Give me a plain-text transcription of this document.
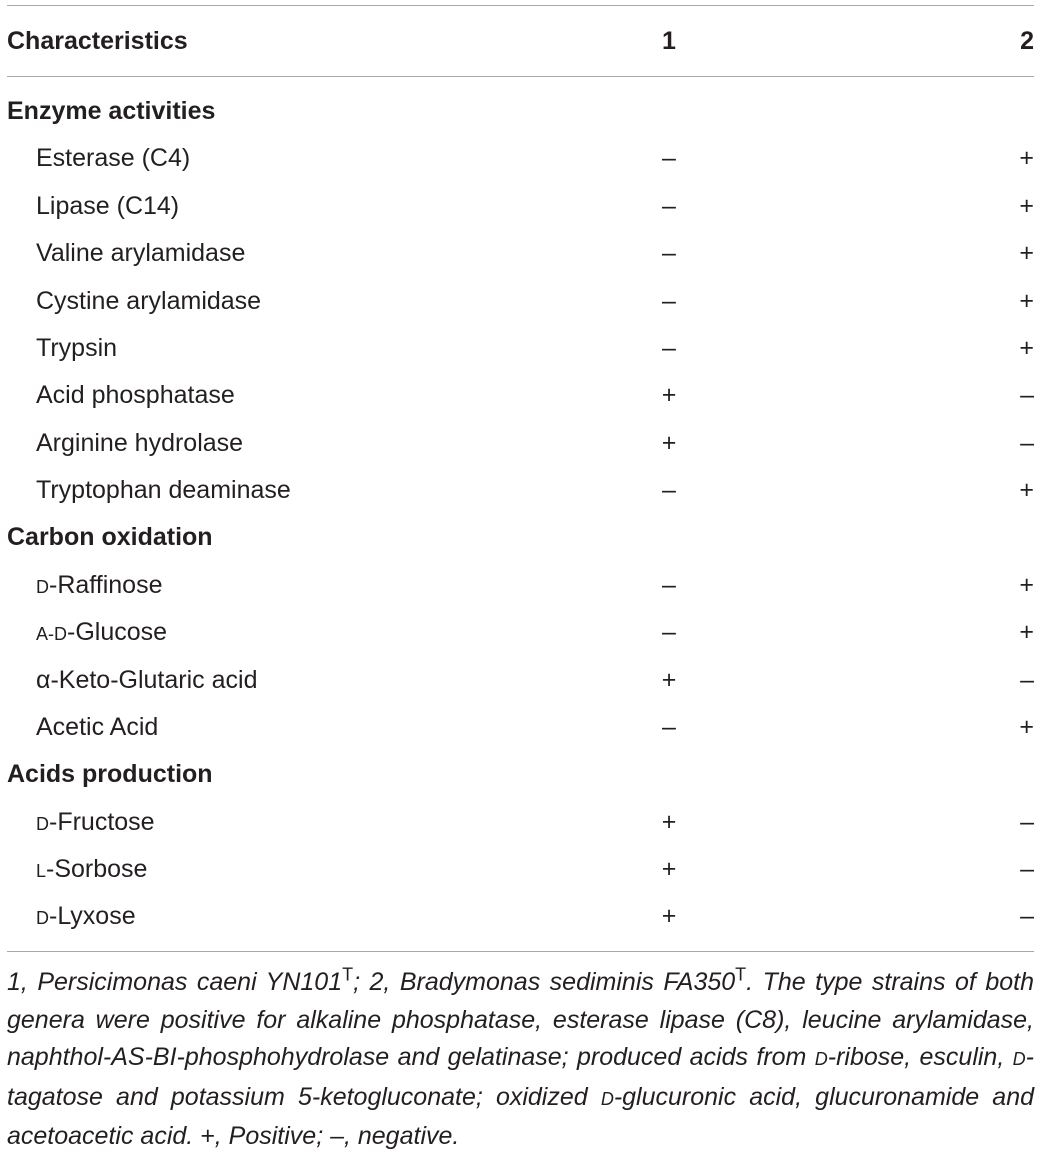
Characteristics	1	2
Enzyme activities
Esterase (C4)	–	+
Lipase (C14)	–	+
Valine arylamidase	–	+
Cystine arylamidase	–	+
Trypsin	–	+
Acid phosphatase	+	–
Arginine hydrolase	+	–
Tryptophan deaminase	–	+
Carbon oxidation
D-Raffinose	–	+
Α-D-Glucose	–	+
α-Keto-Glutaric acid	+	–
Acetic Acid	–	+
Acids production
D-Fructose	+	–
L-Sorbose	+	–
D-Lyxose	+	–
1, Persicimonas caeni $YN101^T$; 2, Bradymonas sediminis $FA350^T$. The type strains of both genera were positive for alkaline phosphatase, esterase lipase (C8), leucine arylamidase, naphthol-AS-BI-phosphohydrolase and gelatinase; produced acids from D-ribose, esculin, D-tagatose and potassium 5-ketogluconate; oxidized D-glucuronic acid, glucuronamide and acetoacetic acid. +, Positive; –, negative.
